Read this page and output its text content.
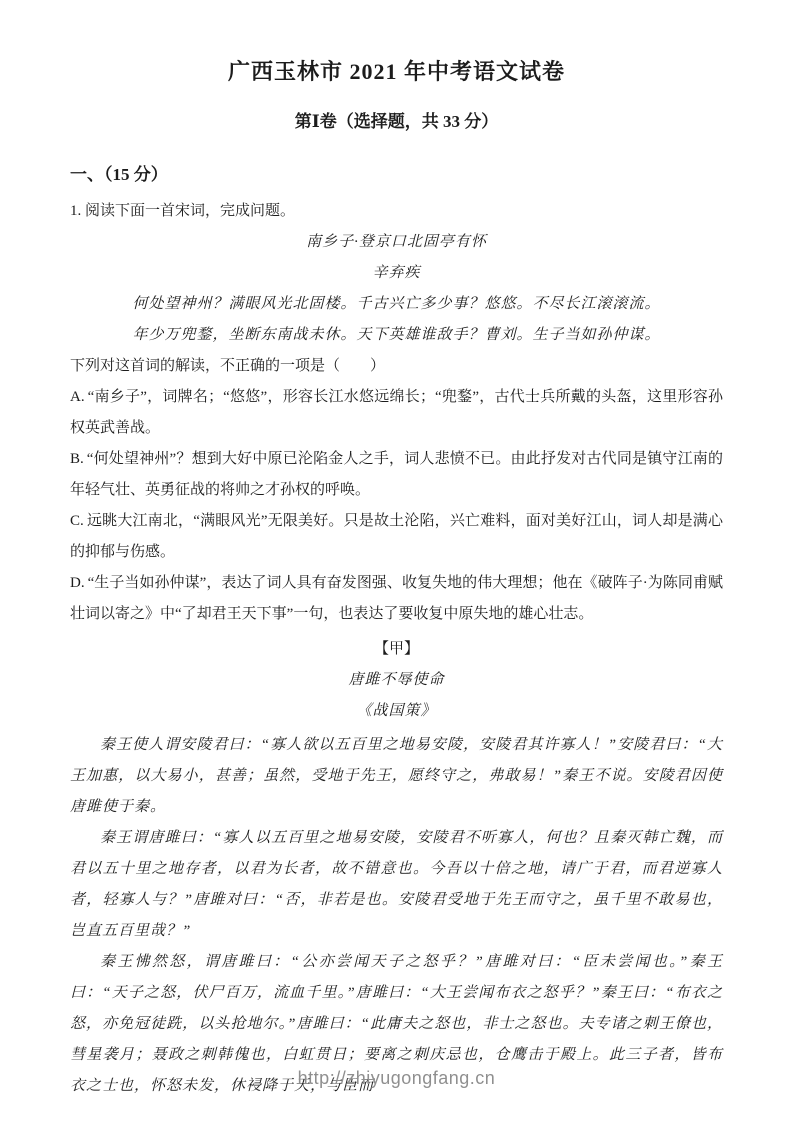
广西玉林市 2021 年中考语文试卷
第Ⅰ卷（选择题，共 33 分）
一、（15 分）

1. 阅读下面一首宋词，完成问题。

南乡子·登京口北固亭有怀

辛弃疾

何处望神州？满眼风光北固楼。千古兴亡多少事？悠悠。不尽长江滚滚流。

年少万兜鍪，坐断东南战未休。天下英雄谁敌手？曹刘。生子当如孙仲谋。

下列对这首词的解读，不正确的一项是（　　）

A. “南乡子”，词牌名；“悠悠”，形容长江水悠远绵长；“兜鍪”，古代士兵所戴的头盔，这里形容孙权英武善战。

B. “何处望神州”？想到大好中原已沦陷金人之手，词人悲愤不已。由此抒发对古代同是镇守江南的年轻气壮、英勇征战的将帅之才孙权的呼唤。

C. 远眺大江南北，“满眼风光”无限美好。只是故土沦陷，兴亡难料，面对美好江山，词人却是满心的抑郁与伤感。

D. “生子当如孙仲谋”，表达了词人具有奋发图强、收复失地的伟大理想；他在《破阵子·为陈同甫赋壮词以寄之》中“了却君王天下事”一句，也表达了要收复中原失地的雄心壮志。

【甲】

唐雎不辱使命

《战国策》

秦王使人谓安陵君曰：“寡人欲以五百里之地易安陵，安陵君其许寡人！”安陵君曰：“大王加惠，以大易小，甚善；虽然，受地于先王，愿终守之，弗敢易！”秦王不说。安陵君因使唐雎使于秦。

秦王谓唐雎曰：“寡人以五百里之地易安陵，安陵君不听寡人，何也？且秦灭韩亡魏，而君以五十里之地存者，以君为长者，故不错意也。今吾以十倍之地，请广于君，而君逆寡人者，轻寡人与？”唐雎对曰：“否，非若是也。安陵君受地于先王而守之，虽千里不敢易也，岂直五百里哉？”

秦王怫然怒，谓唐雎曰：“公亦尝闻天子之怒乎？”唐雎对曰：“臣未尝闻也。”秦王曰：“天子之怒，伏尸百万，流血千里。”唐雎曰：“大王尝闻布衣之怒乎？”秦王曰：“布衣之怒，亦免冠徒跣，以头抢地尔。”唐雎曰：“此庸夫之怒也，非士之怒也。夫专诸之刺王僚也，彗星袭月；聂政之刺韩傀也，白虹贯日；要离之刺庆忌也，仓鹰击于殿上。此三子者，皆布衣之士也，怀怒未发，休祲降于天，与臣而

http://zhiyugongfang.cn
